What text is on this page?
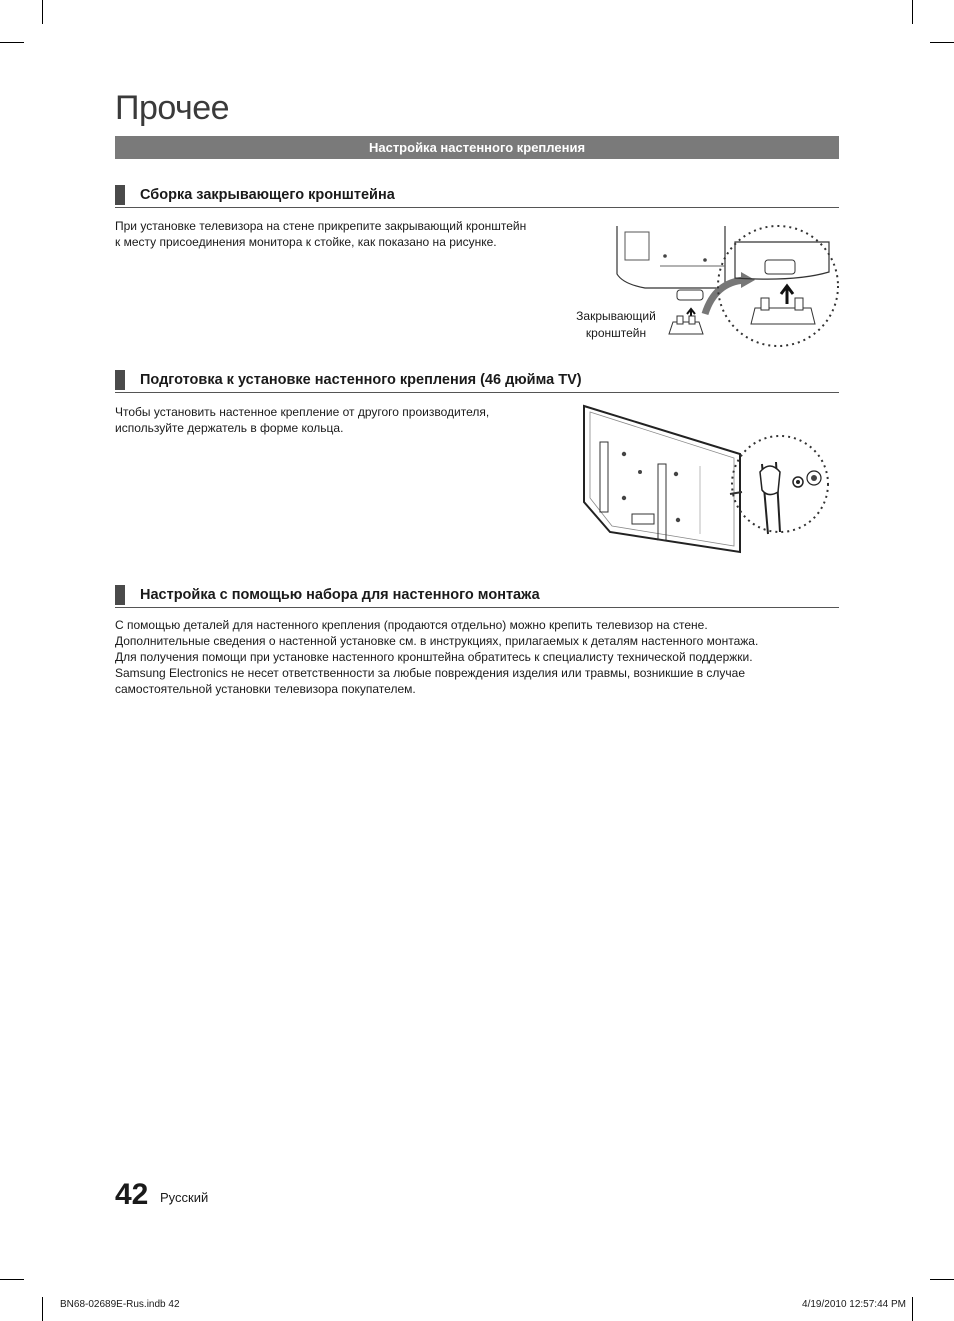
Прочее
Настройка настенного крепления
Сборка закрывающего кронштейна

При установке телевизора на стене прикрепите закрывающий кронштейн
к месту присоединения монитора к стойке, как показано на рисунке.

Закрывающий
кронштейн
Подготовка к установке настенного крепления (46 дюйма TV)

Чтобы установить настенное крепление от другого производителя,
используйте держатель в форме кольца.

Настройка с помощью набора для настенного монтажа

С помощью деталей для настенного крепления (продаются отдельно) можно крепить телевизор на стене.
Дополнительные сведения о настенной установке см. в инструкциях, прилагаемых к деталям настенного монтажа.
Для получения помощи при установке настенного кронштейна обратитесь к специалисту технической поддержки.
Samsung Electronics не несет ответственности за любые повреждения изделия или травмы, возникшие в случае
самостоятельной установки телевизора покупателем.

42 Русский
BN68-02689E-Rus.indb 42	4/19/2010 12:57:44 PM
